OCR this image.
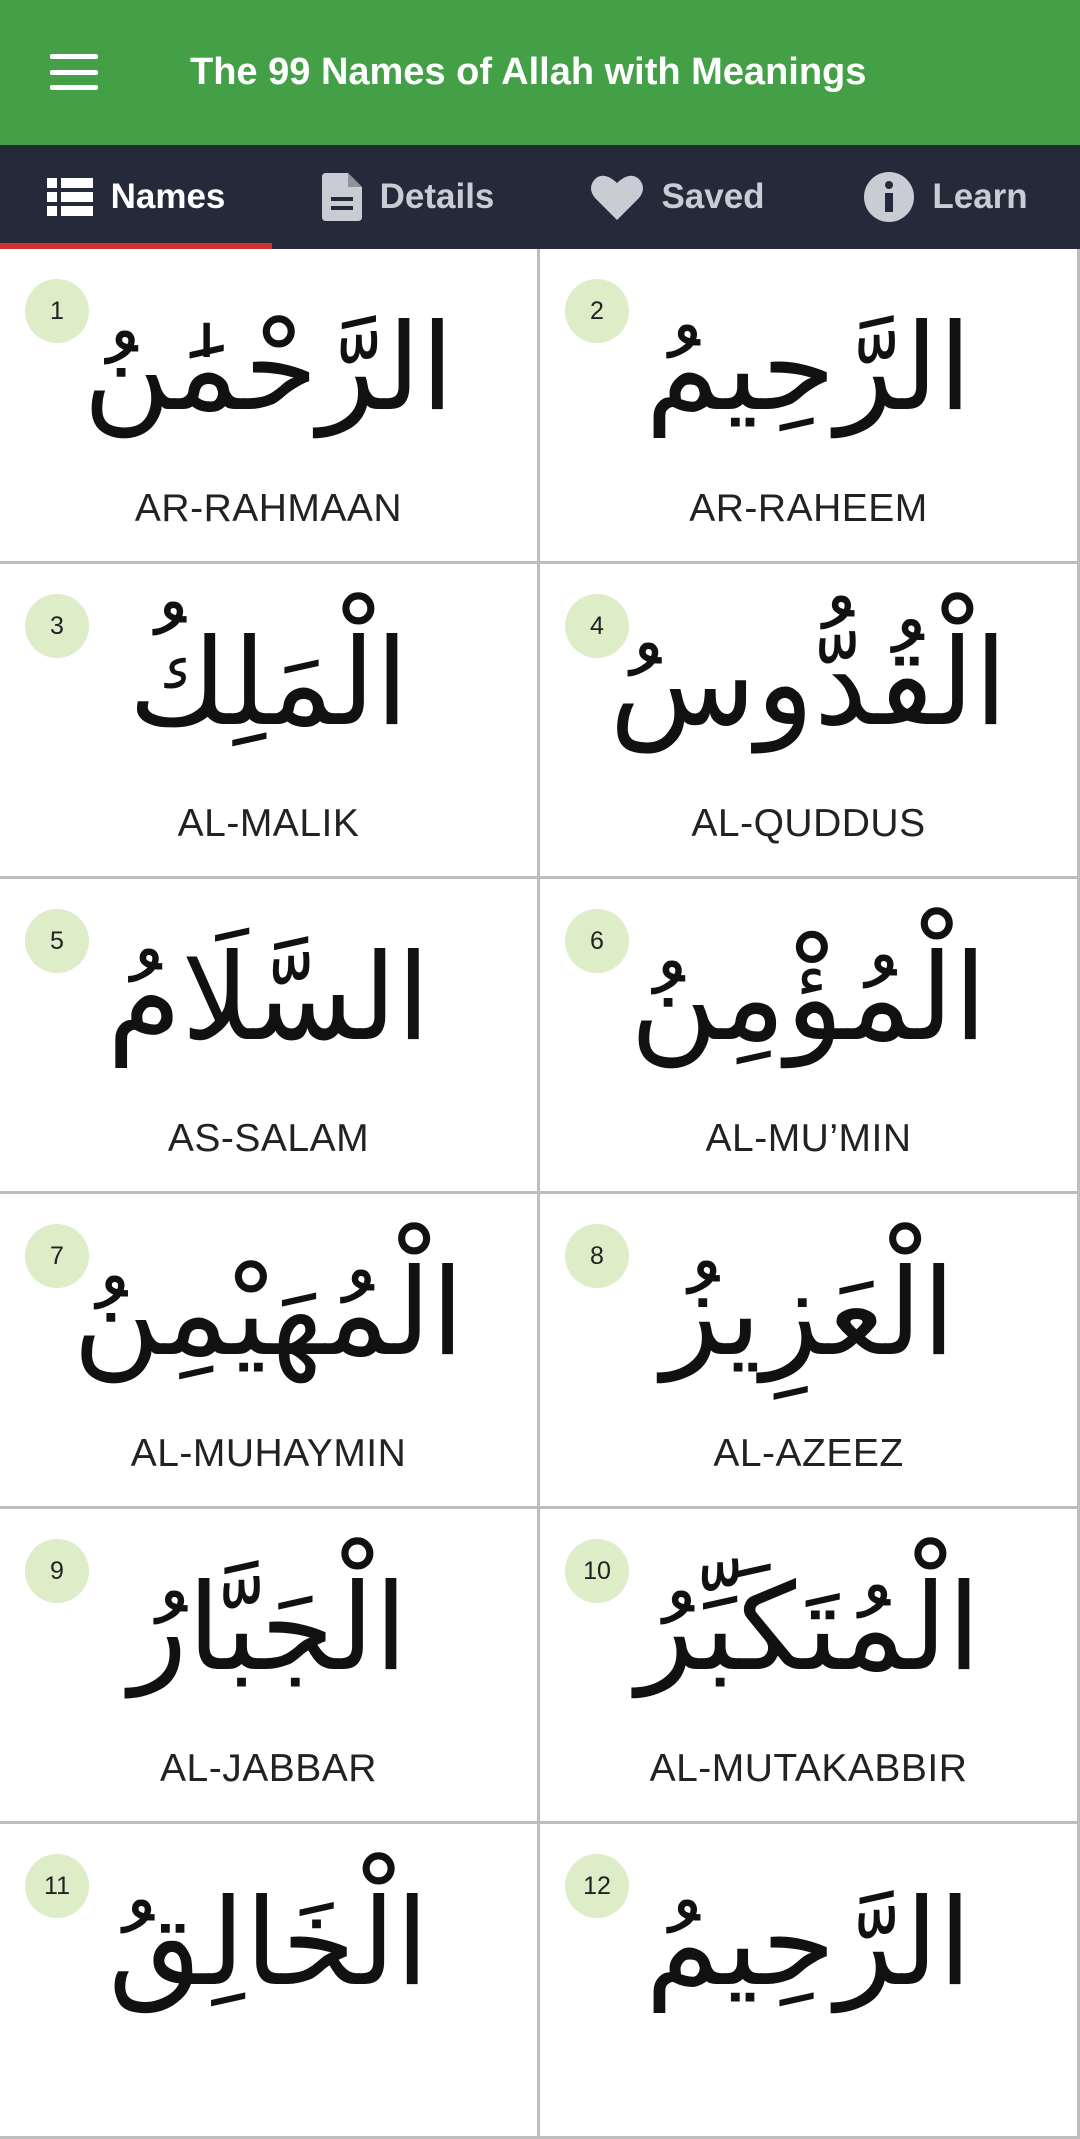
The 99 Names of Allah with Meanings
Names	Details	Saved	Learn
1 الرَّحْمَٰنُ
AR-RAHMAAN
2 الرَّحِيمُ
AR-RAHEEM
3 الْمَلِكُ
AL-MALIK
4 الْقُدُّوسُ
AL-QUDDUS
5 السَّلَامُ
AS-SALAM
6 الْمُؤْمِنُ
AL-MU’MIN
7 الْمُهَيْمِنُ
AL-MUHAYMIN
8 الْعَزِيزُ
AL-AZEEZ
9 الْجَبَّارُ
AL-JABBAR
10 الْمُتَكَبِّرُ
AL-MUTAKABBIR
11 الْخَالِقُ	12 الرَّحِيمُ
